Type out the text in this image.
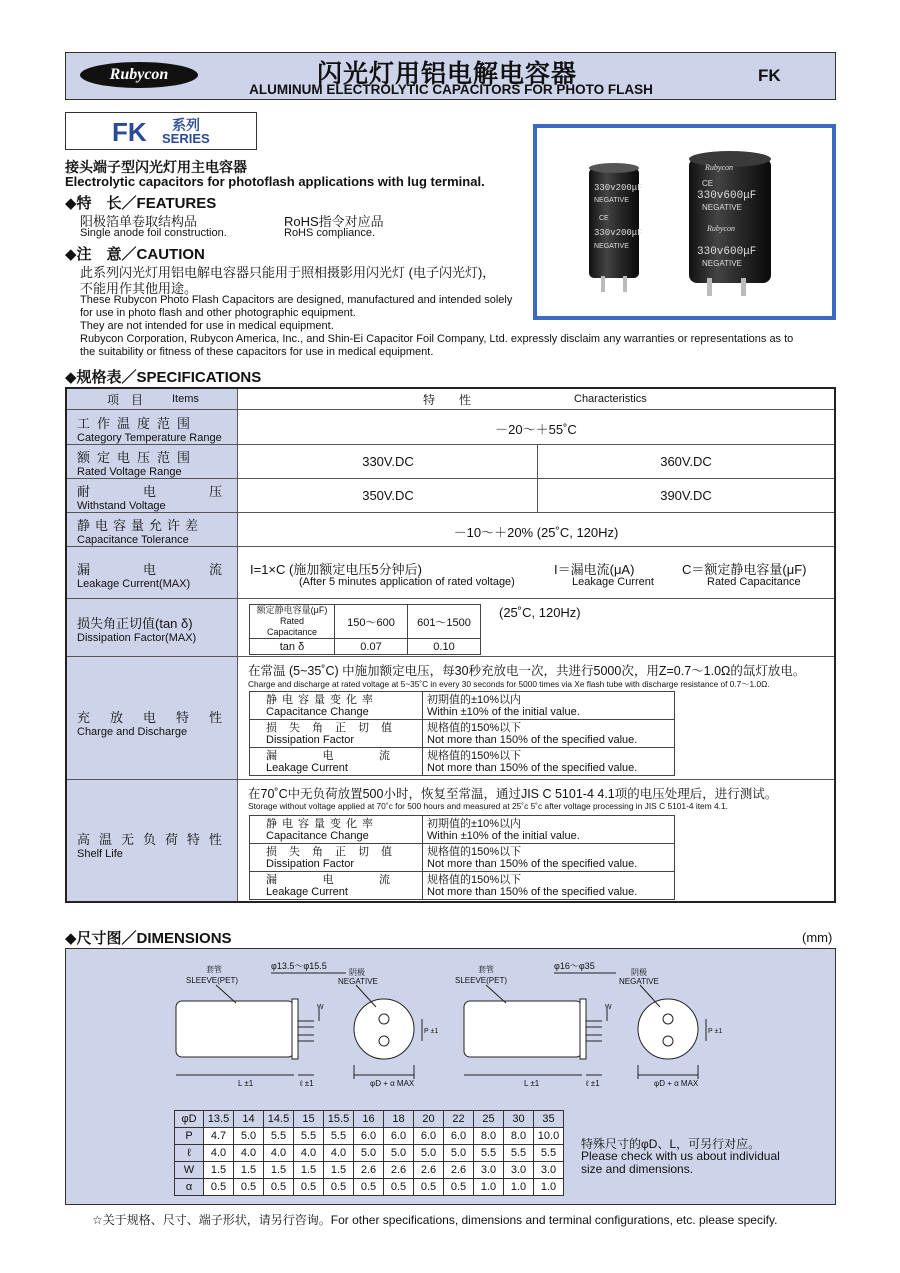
Rubycon	闪光灯用铝电解电容器
ALUMINUM ELECTROLYTIC CAPACITORS FOR PHOTO FLASH
FK
FK 系列
SERIES
接头端子型闪光灯用主电容器
Electrolytic capacitors for photoflash applications with lug terminal.
◆特　长／FEATURES
阳极箔单卷取结构品
Single anode foil construction.
RoHS指令对应品
RoHS compliance.
◆注　意／CAUTION
此系列闪光灯用铝电解电容器只能用于照相摄影用闪光灯 (电子闪光灯)，
不能用作其他用途。
These Rubycon Photo Flash Capacitors are designed, manufactured and intended solely
for use in photo flash and other photographic equipment.
They are not intended for use in medical equipment.
Rubycon Corporation, Rubycon America, Inc., and Shin-Ei Capacitor Foil Company, Ltd. expressly disclaim any warranties or representations as to
the suitability or fitness of these capacitors for use in medical equipment.
330v200μF
NEGATIVE
CE
330v200μF
NEGATIVE
Rubycon
CE
330v600μF
NEGATIVE
Rubycon
330v600μF
NEGATIVE
◆规格表／SPECIFICATIONS
项　目	Items	特　　性	Characteristics
工作温度范围
Category Temperature Range
－20～＋55˚C
额定电压范围
Rated Voltage Range
330V.DC	360V.DC
耐	电	压
Withstand Voltage
350V.DC	390V.DC
静电容量允许差
Capacitance Tolerance	－10～＋20% (25˚C, 120Hz)
漏	电	流
Leakage Current(MAX)
I=1×C (施加额定电压5分钟后)
(After 5 minutes application of rated voltage)
I＝漏电流(μA)
Leakage Current
C＝额定静电容量(μF)
Rated Capacitance
损失角正切值(tan δ)
Dissipation Factor(MAX)
额定静电容量(μF)
Rated Capacitance	150～600	601～1500
tan δ	0.07	0.10
(25˚C, 120Hz)
充 放 电 特 性
Charge and Discharge
在常温 (5~35˚C) 中施加额定电压，每30秒充放电一次，共进行5000次，用Z=0.7～1.0Ω的氙灯放电。
Charge and discharge at rated voltage at 5~35˚C in every 30 seconds for 5000 times via Xe flash tube with discharge resistance of 0.7～1.0Ω.
静电容量变化率
Capacitance Change	初期值的±10%以内
Within ±10% of the initial value.
损失角正切值
Dissipation Factor	规格值的150%以下
Not more than 150% of the specified value.

漏 电 流
Leakage Current	规格值的150%以下
Not more than 150% of the specified value.
高 温 无 负 荷 特 性
Shelf Life
在70˚C中无负荷放置500小时，恢复至常温，通过JIS C 5101-4 4.1项的电压处理后，进行测试。
Storage without voltage applied at 70˚c for 500 hours and measured at 25˚c 5˚c after voltage processing in JIS C 5101-4 item 4.1.
静电容量变化率
Capacitance Change	初期值的±10%以内
Within ±10% of the initial value.
损失角正切值
Dissipation Factor	规格值的150%以下
Not more than 150% of the specified value.

漏 电 流
Leakage Current	规格值的150%以下
Not more than 150% of the specified value.
◆尺寸图／DIMENSIONS	(mm)
套管
SLEEVE(PET)
φ13.5～φ15.5
阴极
NEGATIVE
L ±1	ℓ ±1	φD + α MAX
套管
SLEEVE(PET)
φ16～φ35
阴极
NEGATIVE
L ±1	ℓ ±1	φD + α MAX
W
P ±1
W
P ±1
φD	13.5	14	14.5	15	15.5	16	18	20	22	25	30	35
P	4.7	5.0	5.5	5.5	5.5	6.0	6.0	6.0	6.0	8.0	8.0	10.0
ℓ	4.0	4.0	4.0	4.0	4.0	5.0	5.0	5.0	5.0	5.5	5.5	5.5
W	1.5	1.5	1.5	1.5	1.5	2.6	2.6	2.6	2.6	3.0	3.0	3.0
α	0.5	0.5	0.5	0.5	0.5	0.5	0.5	0.5	0.5	1.0	1.0	1.0
特殊尺寸的φD、L，可另行对应。
Please check with us about individual
size and dimensions.
☆关于规格、尺寸、端子形状，请另行咨询。For other specifications, dimensions and terminal configurations, etc. please specify.
